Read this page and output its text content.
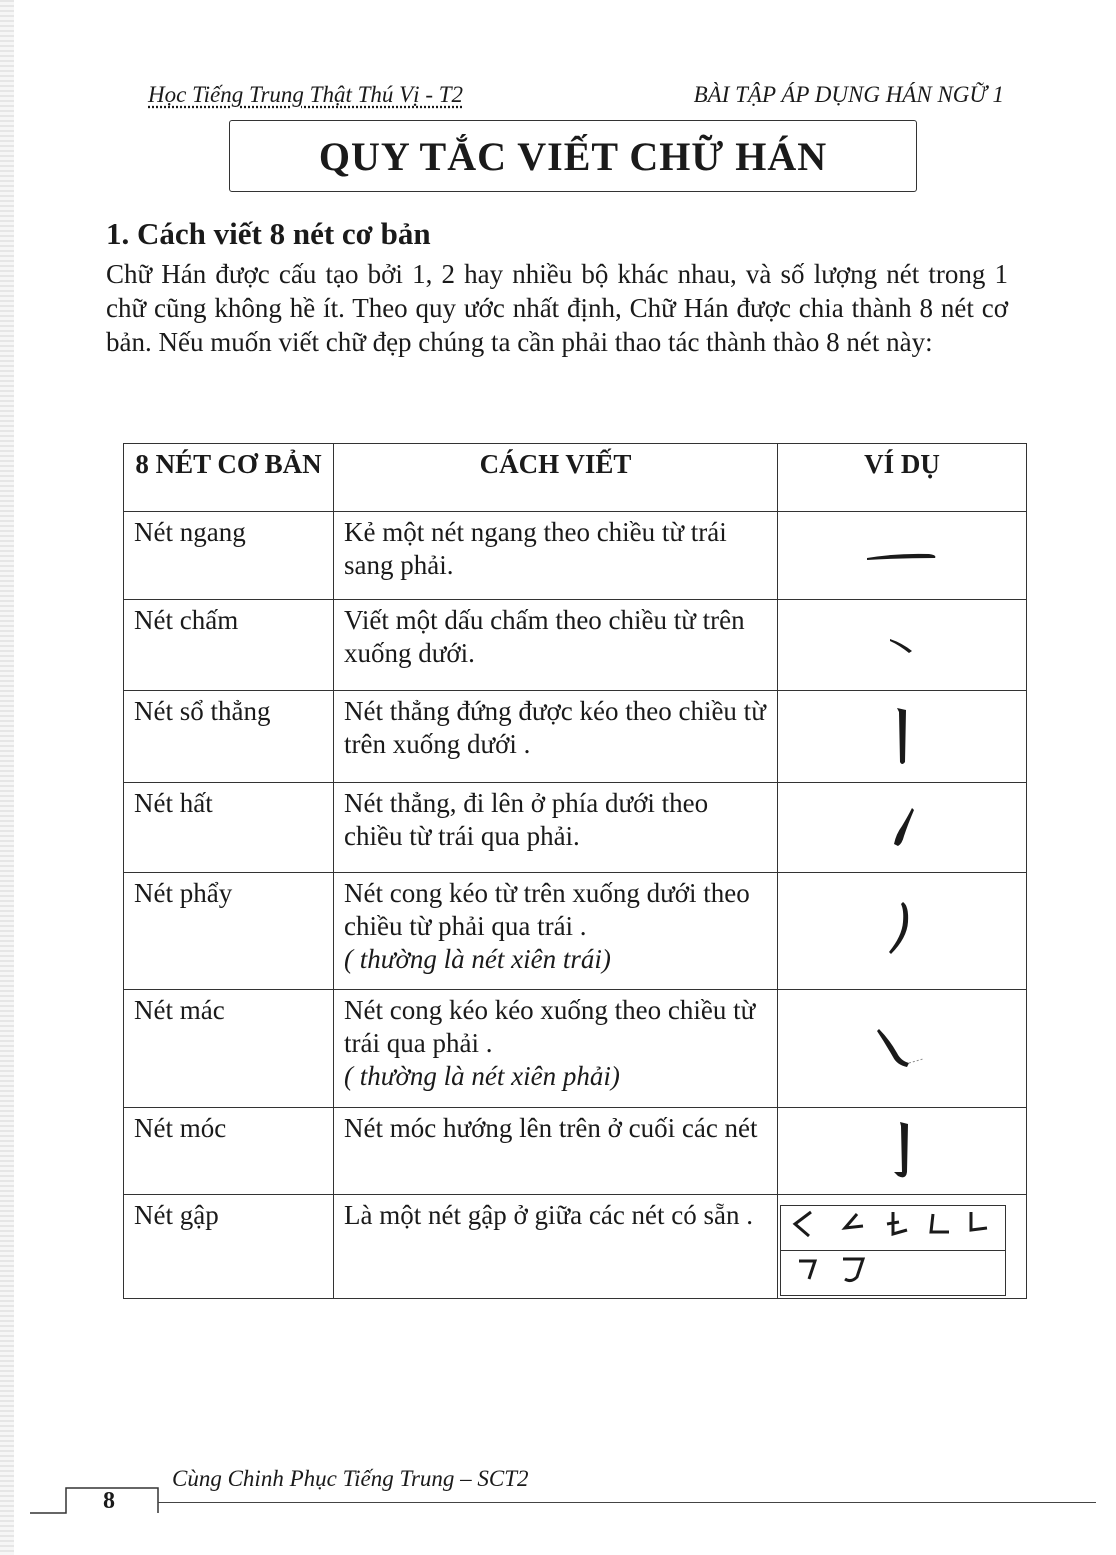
Học Tiếng Trung Thật Thú Vị - T2	BÀI TẬP ÁP DỤNG HÁN NGỮ 1
QUY TẮC VIẾT CHỮ HÁN
1. Cách viết 8 nét cơ bản

Chữ Hán được cấu tạo bởi 1, 2 hay nhiều bộ khác nhau, và số lượng nét trong 1 chữ cũng không hề ít. Theo quy ước nhất định, Chữ Hán được chia thành 8 nét cơ bản. Nếu muốn viết chữ đẹp chúng ta cần phải thao tác thành thào 8 nét này:

8 NÉT CƠ BẢN	CÁCH VIẾT	VÍ DỤ
Nét ngang	Kẻ một nét ngang theo chiều từ trái sang phải.	

Nét chấm	Viết một dấu chấm theo chiều từ trên xuống dưới.	

Nét sổ thẳng	Nét thẳng đứng được kéo theo chiều từ trên xuống dưới .	

Nét hất	Nét thẳng, đi lên ở phía dưới theo chiều từ trái qua phải.	

Nét phẩy	Nét cong kéo từ trên xuống dưới theo chiều từ phải qua trái .
( thường là nét xiên trái)

Nét mác	Nét cong kéo kéo xuống theo chiều từ trái qua phải .
( thường là nét xiên phải)

Nét móc	Nét móc hướng lên trên ở cuối các nét	

Nét gập	Là một nét gập ở giữa các nét có sẵn .	

8
Cùng Chinh Phục Tiếng Trung – SCT2
